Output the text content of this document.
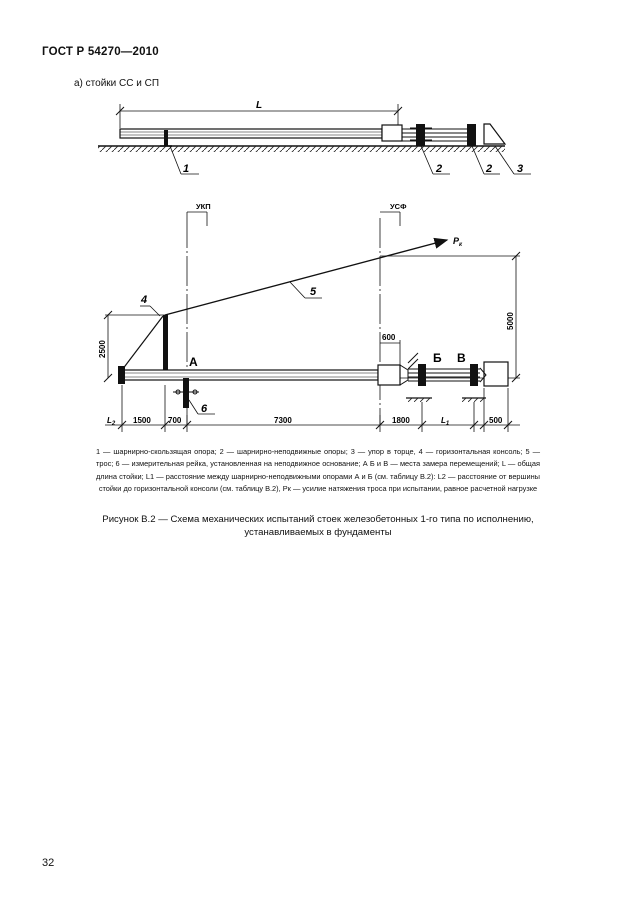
ГОСТ Р 54270—2010
а) стойки СС и СП
L
1	2	2 3
УКП	УСФ
$P_к$
5000
2500
4
5
А
6
Б В
600
$L_2$ 1500 700	7300	1800	$L_1$	500
1 — шарнирно-скользящая опора; 2 — шарнирно-неподвижные опоры; 3 — упор в торце, 4 — горизонтальная консоль; 5 — трос; 6 — измерительная рейка, установленная на неподвижное основание; А Б и В — места замера перемещений; L — общая длина стойки; L1 — расстояние между шарнирно-неподвижными опорами А и Б (см. таблицу В.2): L2 — расстояние от вершины стойки до горизонтальной консоли (см. таблицу В.2), Pк — усилие натяжения троса при испытании, равное расчетной нагрузке
Рисунок В.2 — Схема механических испытаний стоек железобетонных 1-го типа по исполнению, устанавливаемых в фундаменты
32
